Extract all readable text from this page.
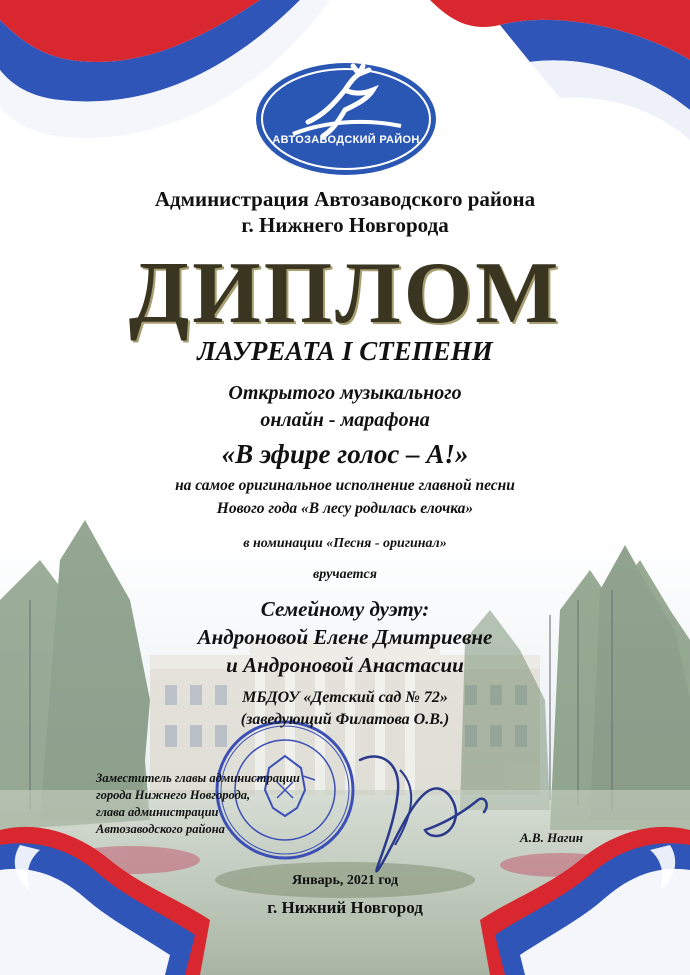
АВТОЗАВОДСКИЙ РАЙОН

Администрация Автозаводского района

г. Нижнего Новгорода

ДИПЛОМ

ЛАУРЕАТА I СТЕПЕНИ

Открытого музыкального

онлайн - марафона

«В эфире голос – А!»

на самое оригинальное исполнение главной песни

Нового года «В лесу родилась елочка»

в номинации «Песня - оригинал»

вручается

Семейному дуэту:

Андроновой Елене Дмитриевне

и Андроновой Анастасии

МБДОУ «Детский сад № 72»

(заведующий Филатова О.В.)

Заместитель главы администрации
города Нижнего Новгорода,
глава администрации
Автозаводского района
А.В. Нагин

Январь, 2021 год

г. Нижний Новгород
